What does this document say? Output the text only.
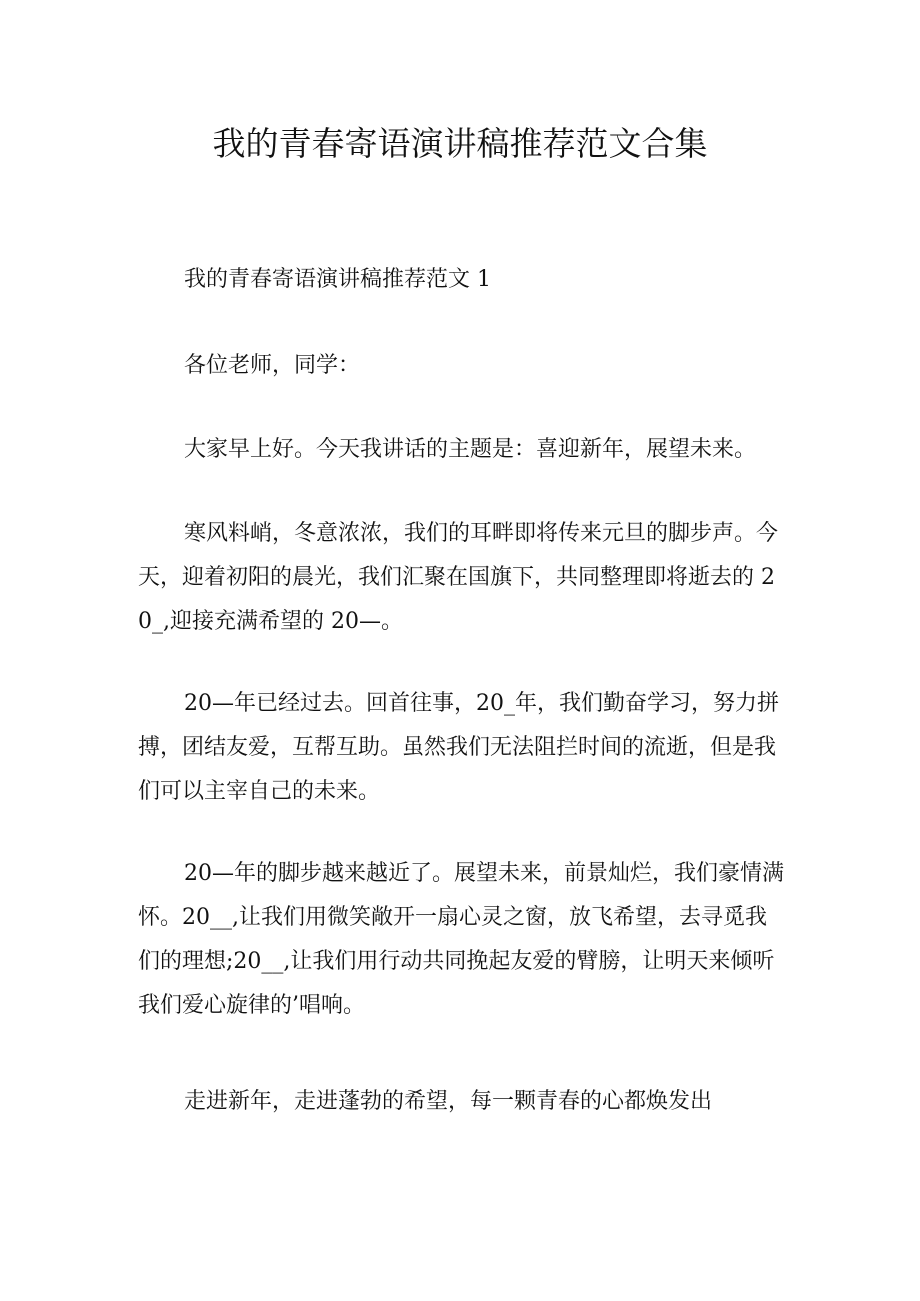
我的青春寄语演讲稿推荐范文合集

我的青春寄语演讲稿推荐范文 1

各位老师，同学：

大家早上好。今天我讲话的主题是：喜迎新年，展望未来。

寒风料峭，冬意浓浓，我们的耳畔即将传来元旦的脚步声。今天，迎着初阳的晨光，我们汇聚在国旗下，共同整理即将逝去的 20_,迎接充满希望的 20—。

20—年已经过去。回首往事，20_年，我们勤奋学习，努力拼搏，团结友爱，互帮互助。虽然我们无法阻拦时间的流逝，但是我们可以主宰自己的未来。

20—年的脚步越来越近了。展望未来，前景灿烂，我们豪情满怀。20__,让我们用微笑敞开一扇心灵之窗，放飞希望，去寻觅我们的理想;20__,让我们用行动共同挽起友爱的臂膀，让明天来倾听我们爱心旋律的’唱响。

走进新年，走进蓬勃的希望，每一颗青春的心都焕发出
